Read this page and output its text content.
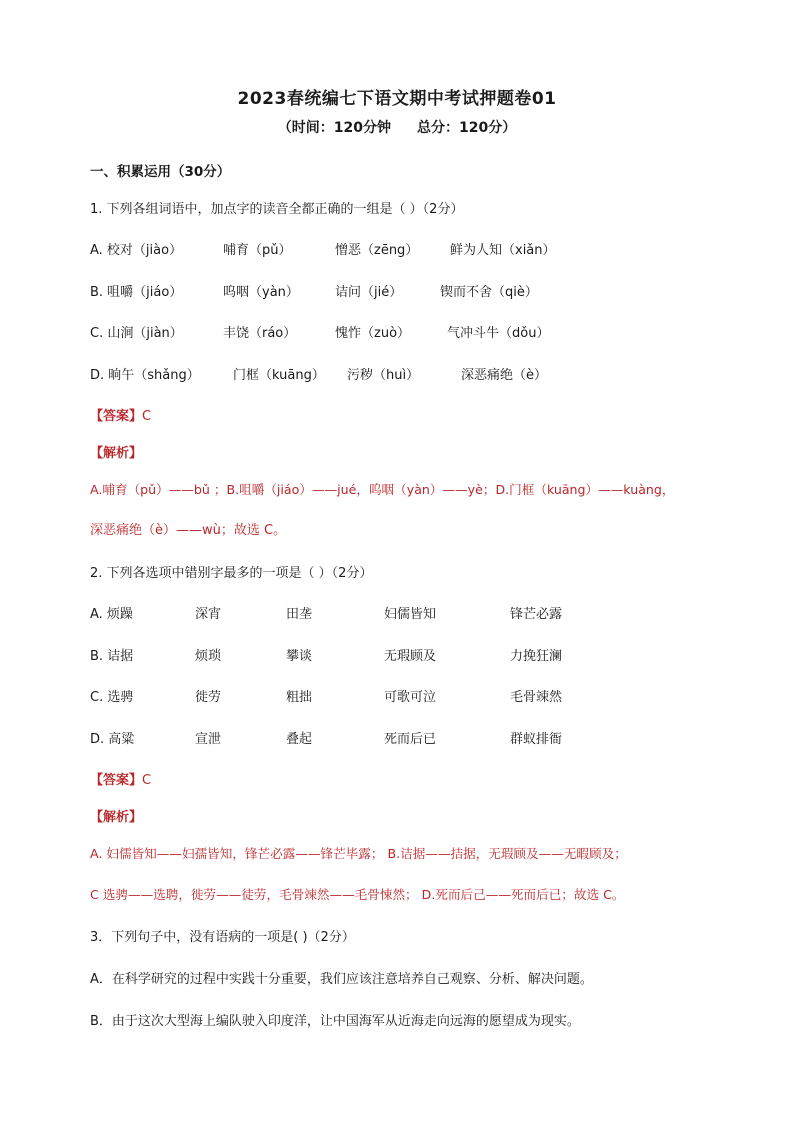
2023春统编七下语文期中考试押题卷01
（时间：120分钟 总分：120分）
一、积累运用（30分）
1. 下列各组词语中，加点字的读音全都正确的一组是（ ）（2分）
A. 校对（jiào）	哺育（pǔ）	憎恶（zēng） 鲜为人知（xiǎn）
B. 咀嚼（jiáo）	呜咽（yàn）	诘问（jié）	锲而不舍（qiè）
C. 山涧（jiàn）	丰饶（ráo）	愧怍（zuò）	气冲斗牛（dǒu）
D. 晌午（shǎng）	门框（kuāng） 污秽（huì）	深恶痛绝（è）
【答案】C
【解析】
A.哺育（pǔ）——bǔ ；B.咀嚼（jiáo）——jué，呜咽（yàn）——yè；D.门框（kuāng）——kuàng，
深恶痛绝（è）——wù；故选 C。
2. 下列各选项中错别字最多的一项是（ ）（2分）
A. 烦躁	深宵	田垄	妇儒皆知	锋芒必露
B. 诘据	烦琐	攀谈	无瑕顾及	力挽狂澜
C. 选骋	徙劳	粗拙	可歌可泣	毛骨竦然
D. 高粱	宣泄	叠起	死而后已	群蚁排衙
【答案】C
【解析】
A. 妇儒皆知——妇孺皆知，锋芒必露——锋芒毕露； B.诘据——拮据，无瑕顾及——无暇顾及；
C 选骋——选聘，徙劳——徒劳，毛骨竦然——毛骨悚然； D.死而后己——死而后已；故选 C。
3．下列句子中，没有语病的一项是( )（2分）
A．在科学研究的过程中实践十分重要，我们应该注意培养自己观察、分析、解决问题。
B．由于这次大型海上编队驶入印度洋，让中国海军从近海走向远海的愿望成为现实。
